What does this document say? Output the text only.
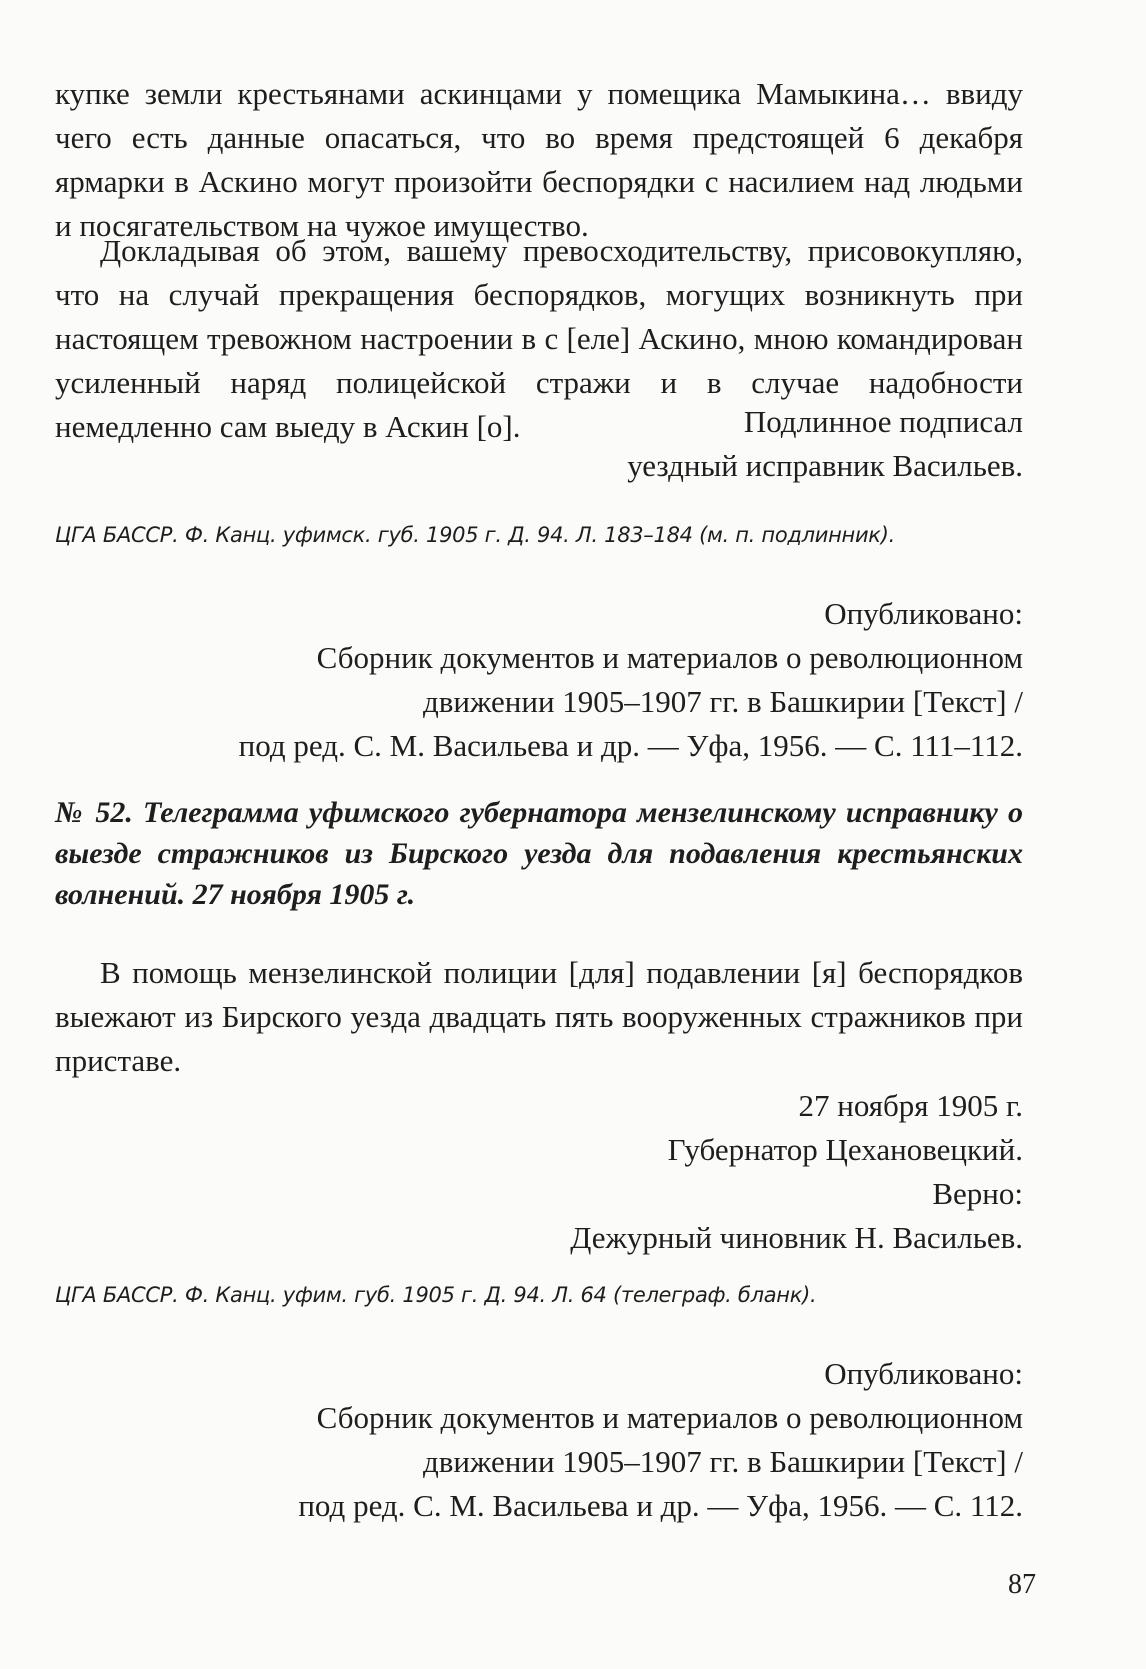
купке земли крестьянами аскинцами у помещика Мамыкина… ввиду чего есть данные опасаться, что во время предстоящей 6 декабря ярмарки в Аскино могут произойти беспорядки с насилием над людьми и посягательством на чужое имущество.

Докладывая об этом, вашему превосходительству, присовокупляю, что на случай прекращения беспорядков, могущих возникнуть при настоящем тревожном настроении в с [еле] Аскино, мною командирован усиленный наряд полицейской стражи и в случае надобности немедленно сам выеду в Аскин [о].	Подлинное подписал

уездный исправник Васильев.

ЦГА БАССР. Ф. Канц. уфимск. губ. 1905 г. Д. 94. Л. 183–184 (м. п. подлинник).

Опубликовано:

Сборник документов и материалов о революционном

движении 1905–1907 гг. в Башкирии [Текст] /

под ред. С. М. Васильева и др. — Уфа, 1956. — С. 111–112.

№ 52. Телеграмма уфимского губернатора мензелинскому исправнику о выезде стражников из Бирского уезда для подавления крестьянских волнений. 27 ноября 1905 г.

В помощь мензелинской полиции [для] подавлении [я] беспорядков выежают из Бирского уезда двадцать пять вооруженных стражников при приставе.

27 ноября 1905 г.

Губернатор Цехановецкий.

Верно:

Дежурный чиновник Н. Васильев.

ЦГА БАССР. Ф. Канц. уфим. губ. 1905 г. Д. 94. Л. 64 (телеграф. бланк).

Опубликовано:

Сборник документов и материалов о революционном

движении 1905–1907 гг. в Башкирии [Текст] /

под ред. С. М. Васильева и др. — Уфа, 1956. — С. 112.

87
